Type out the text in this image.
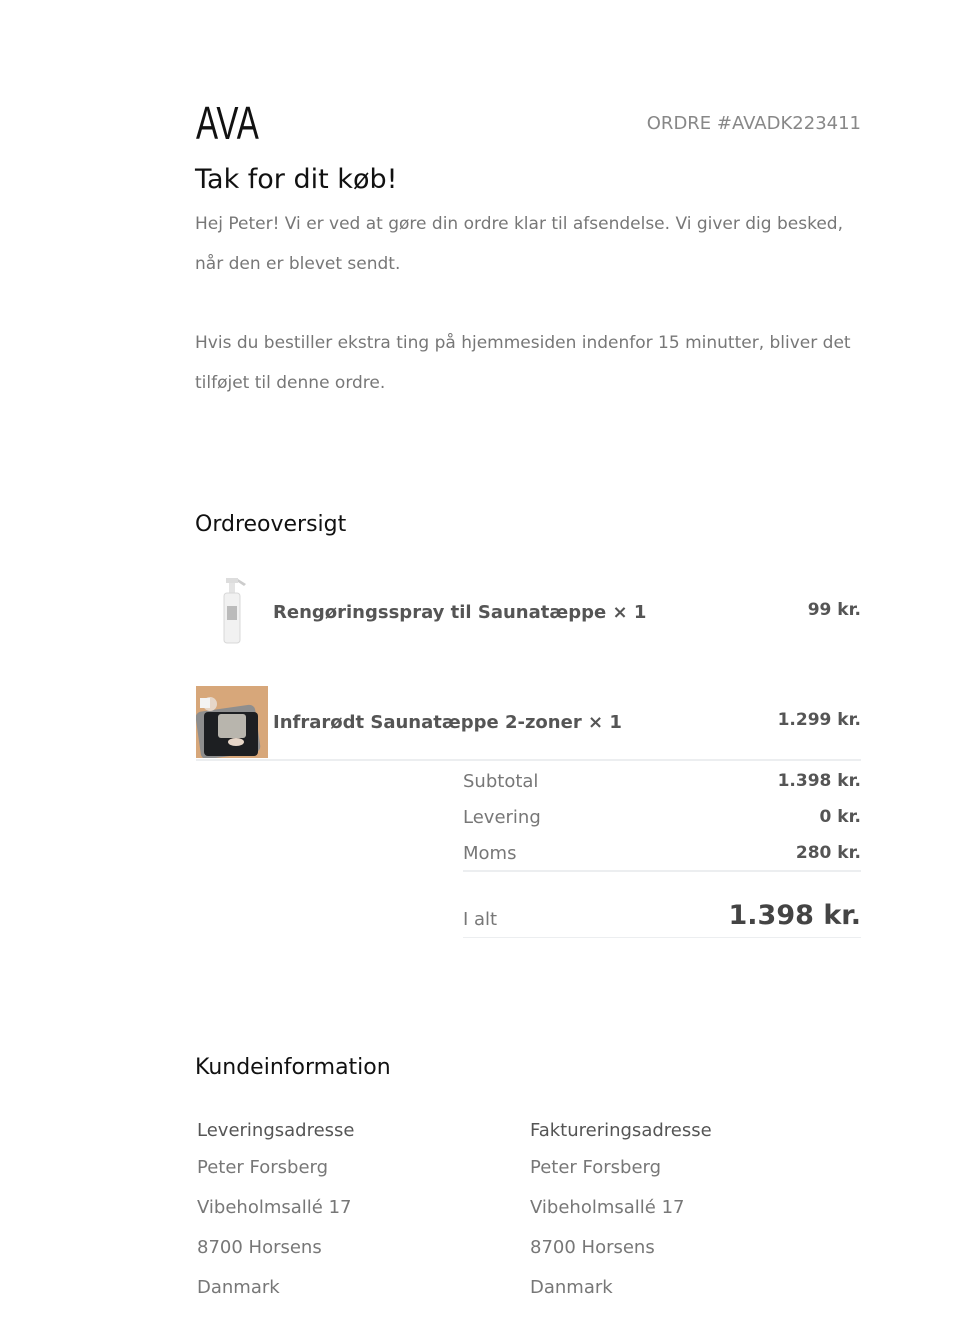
AVA	ORDRE #AVADK223411
Tak for dit køb!
Hej Peter! Vi er ved at gøre din ordre klar til afsendelse. Vi giver dig besked, når den er blevet sendt.
Hvis du bestiller ekstra ting på hjemmesiden indenfor 15 minutter, bliver det tilføjet til denne ordre.
Ordreoversigt
Rengøringsspray til Saunatæppe × 1	99 kr.
Infrarødt Saunatæppe 2-zoner × 1	1.299 kr.
Subtotal	1.398 kr.
Levering	0 kr.
Moms	280 kr.
I alt	1.398 kr.
Kundeinformation
Leveringsadresse
Peter Forsberg
Vibeholmsallé 17
8700 Horsens
Danmark
Faktureringsadresse
Peter Forsberg
Vibeholmsallé 17
8700 Horsens
Danmark
